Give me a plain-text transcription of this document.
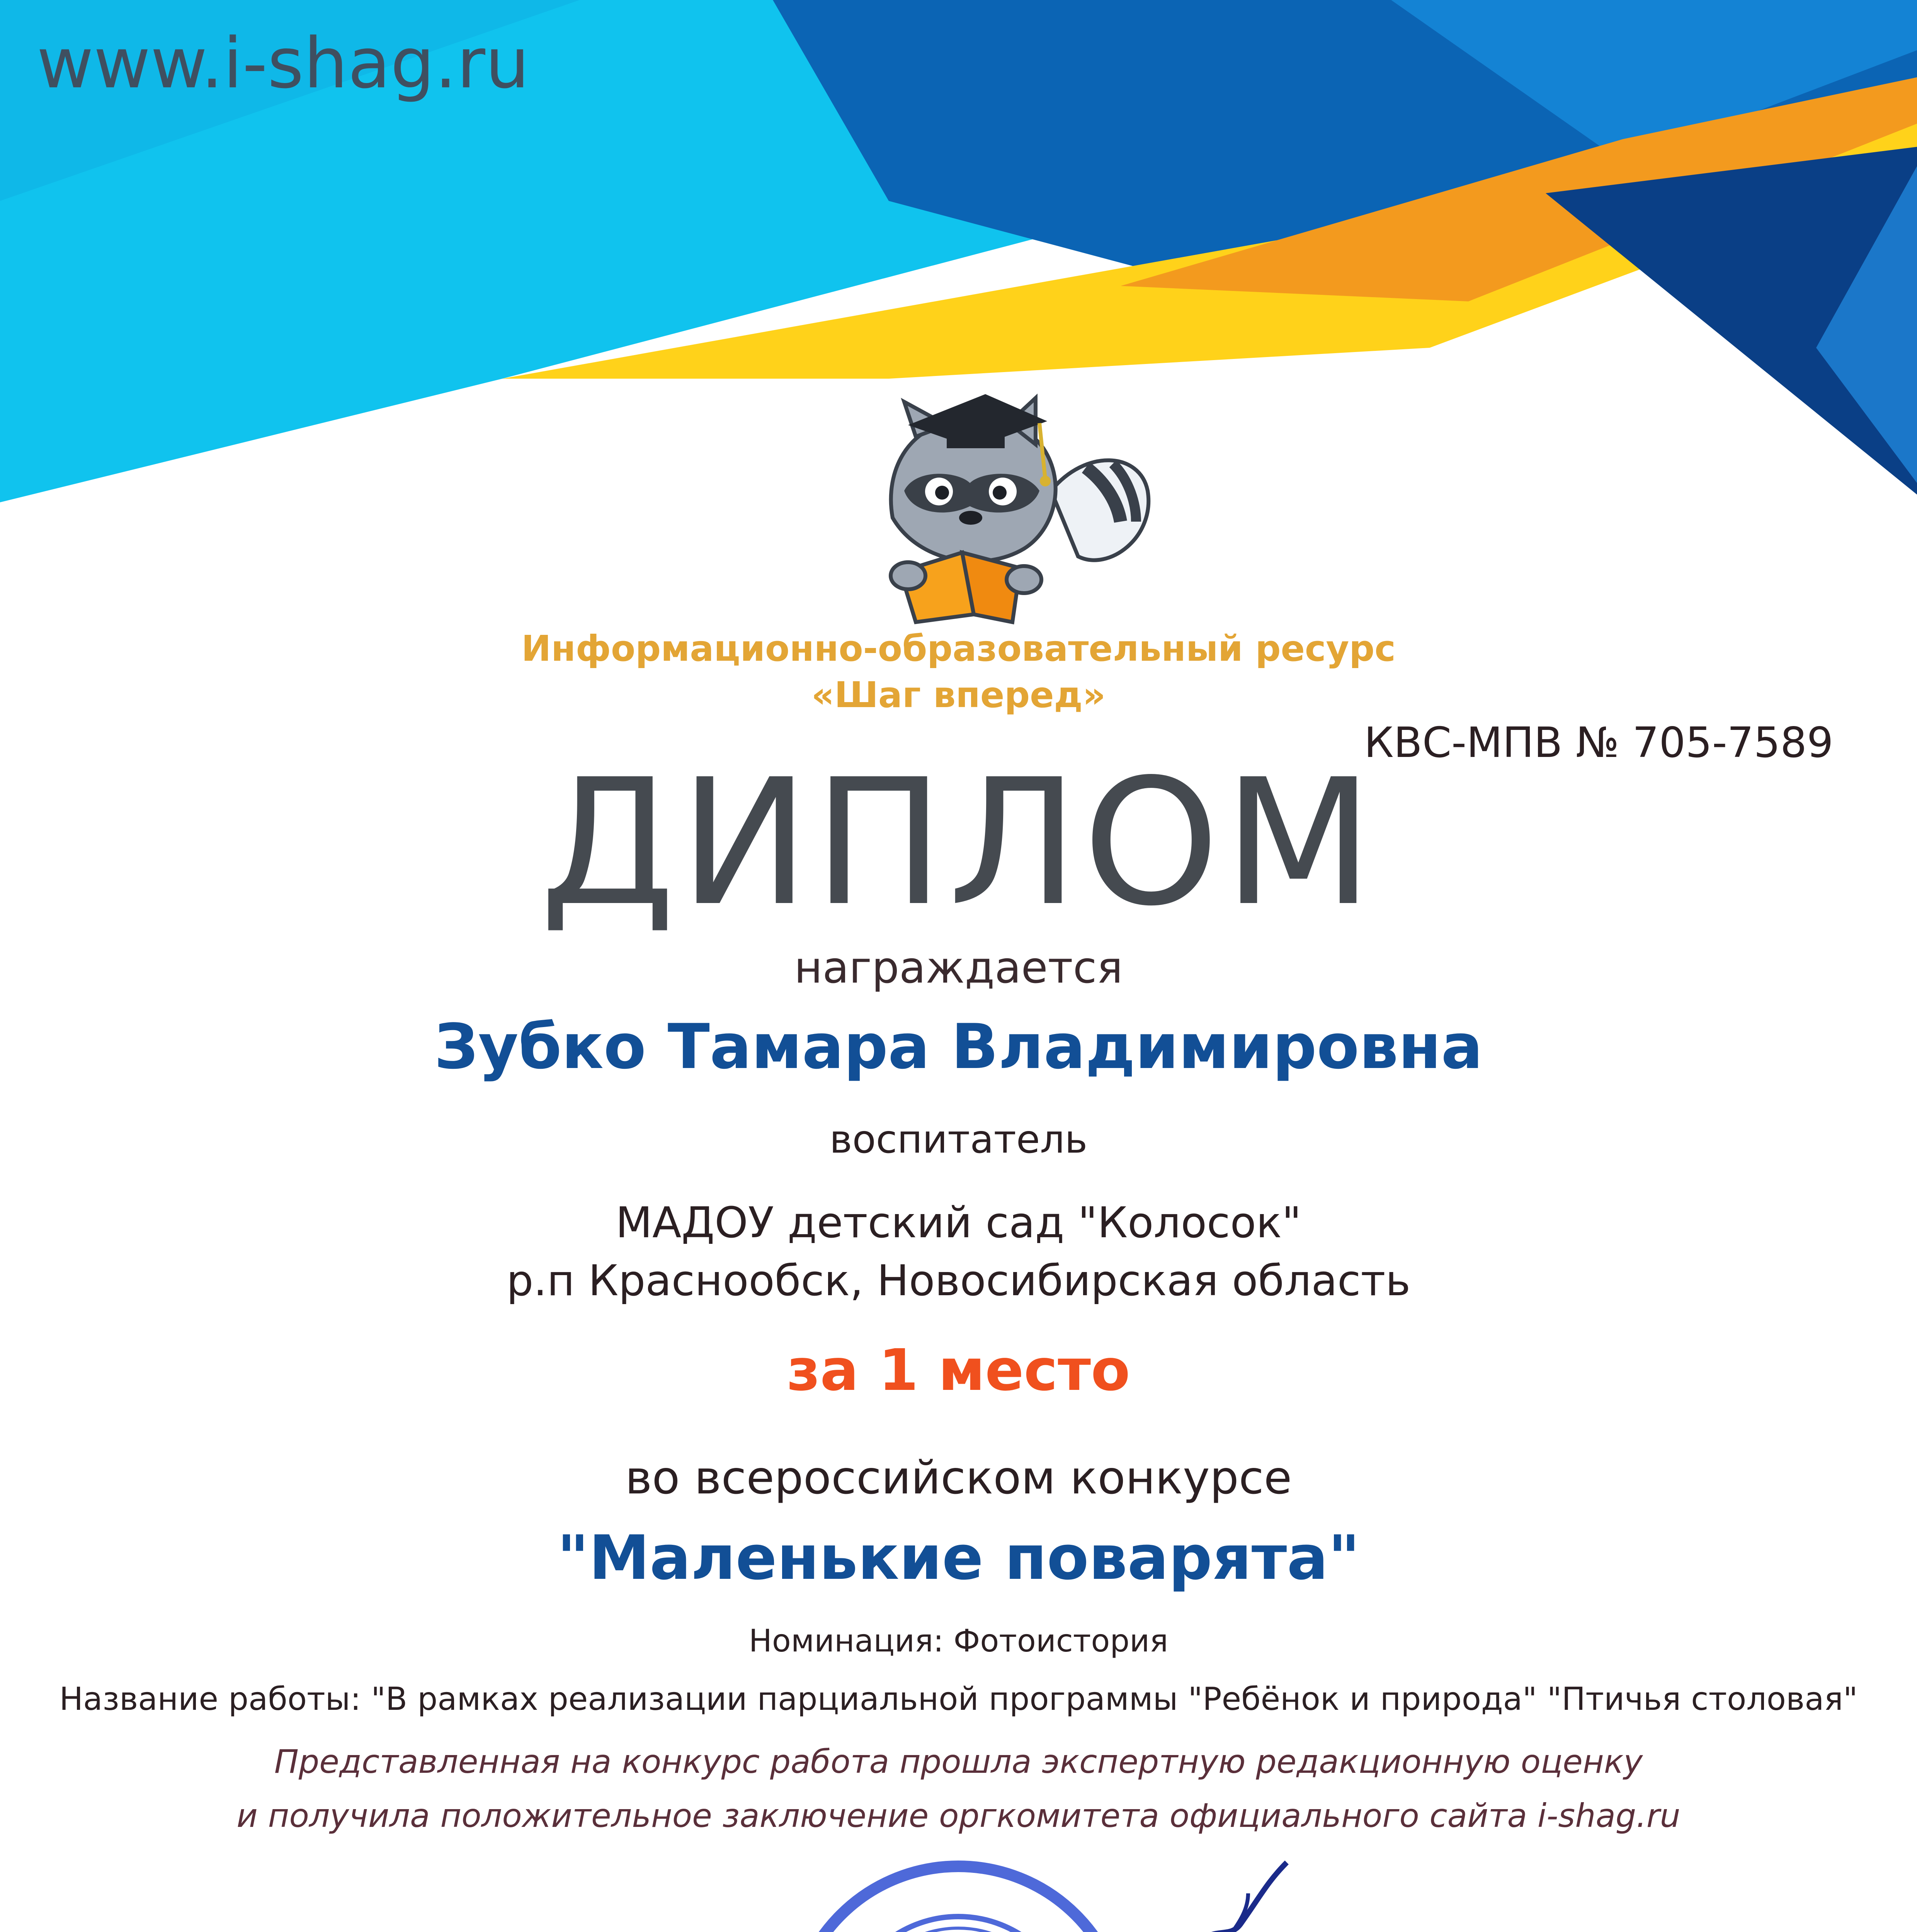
www.i-shag.ru
Информационно-образовательный ресурс
«Шаг вперед»
КВС-МПВ № 705-7589
ДИПЛОМ
награждается
Зубко Тамара Владимировна
воспитатель
МАДОУ детский сад "Колосок"
р.п Краснообск, Новосибирская область
за 1 место
во всероссийском конкурсе
"Маленькие поварята"
Номинация: Фотоистория
Название работы: "В рамках реализации парциальной программы "Ребёнок и природа" "Птичья столовая"
Представленная на конкурс работа прошла экспертную редакционную оценку
и получила положительное заключение оргкомитета официального сайта i-shag.ru
